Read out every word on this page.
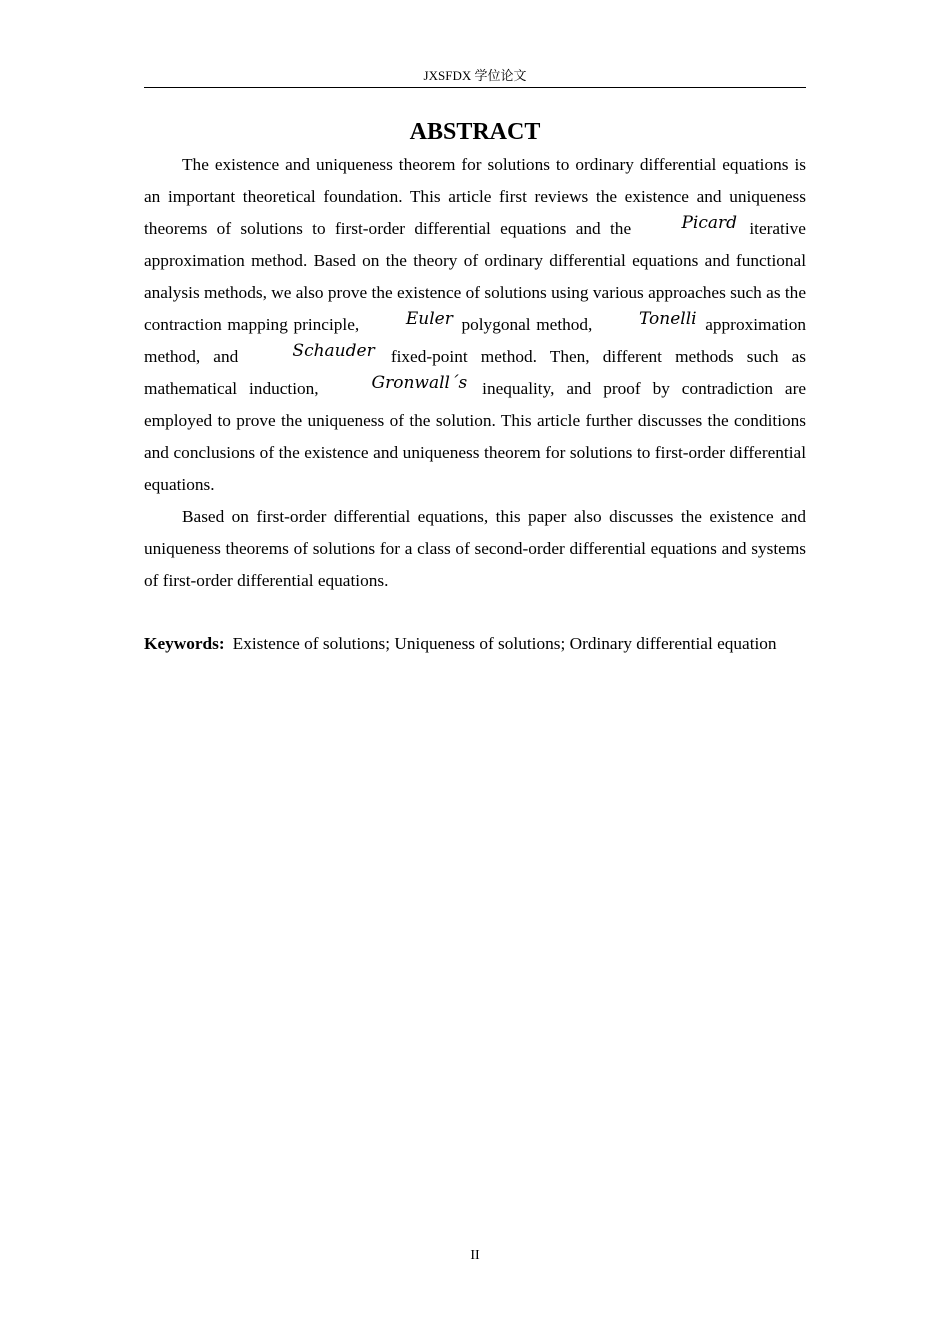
JXSFDX 学位论文
ABSTRACT

The existence and uniqueness theorem for solutions to ordinary differential equations is an important theoretical foundation. This article first reviews the existence and uniqueness theorems of solutions to first-order differential equations and the	Picard iterative approximation method. Based on the theory of ordinary differential equations and functional analysis methods, we also prove the existence of solutions using various approaches such as the contraction mapping principle,	Euler polygonal method,	Tonelli approximation method, and	Schauder fixed-point method. Then, different methods such as mathematical induction,	Gronwall´s inequality, and proof by contradiction are employed to prove the uniqueness of the solution. This article further discusses the conditions and conclusions of the existence and uniqueness theorem for solutions to first-order differential equations.

Based on first-order differential equations, this paper also discusses the existence and uniqueness theorems of solutions for a class of second-order differential equations and systems of first-order differential equations.

Keywords: Existence of solutions; Uniqueness of solutions; Ordinary differential equation

II
